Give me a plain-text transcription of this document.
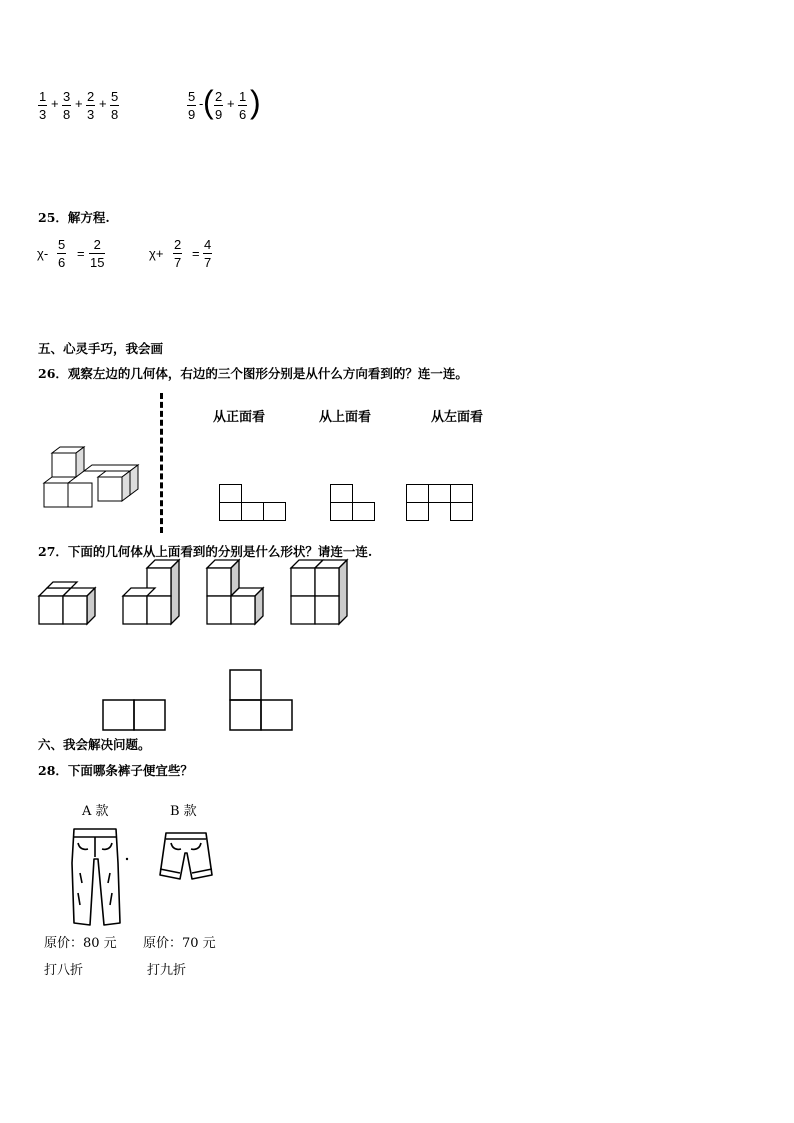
1
3
+ 3
8
+ 2
3
+ 5
8
5
9
- ( 2
9
+ 1
6 )
25．解方程.
χ-
5
6
=
2
15
χ+
2
7
=
4
7
五、心灵手巧，我会画
26．观察左边的几何体，右边的三个图形分别是从什么方向看到的？连一连。
从正面看	从上面看	从左面看
27．下面的几何体从上面看到的分别是什么形状？请连一连.
六、我会解决问题。
28．下面哪条裤子便宜些？
A 款	B 款
原价：80 元 原价：70 元
打八折	打九折
